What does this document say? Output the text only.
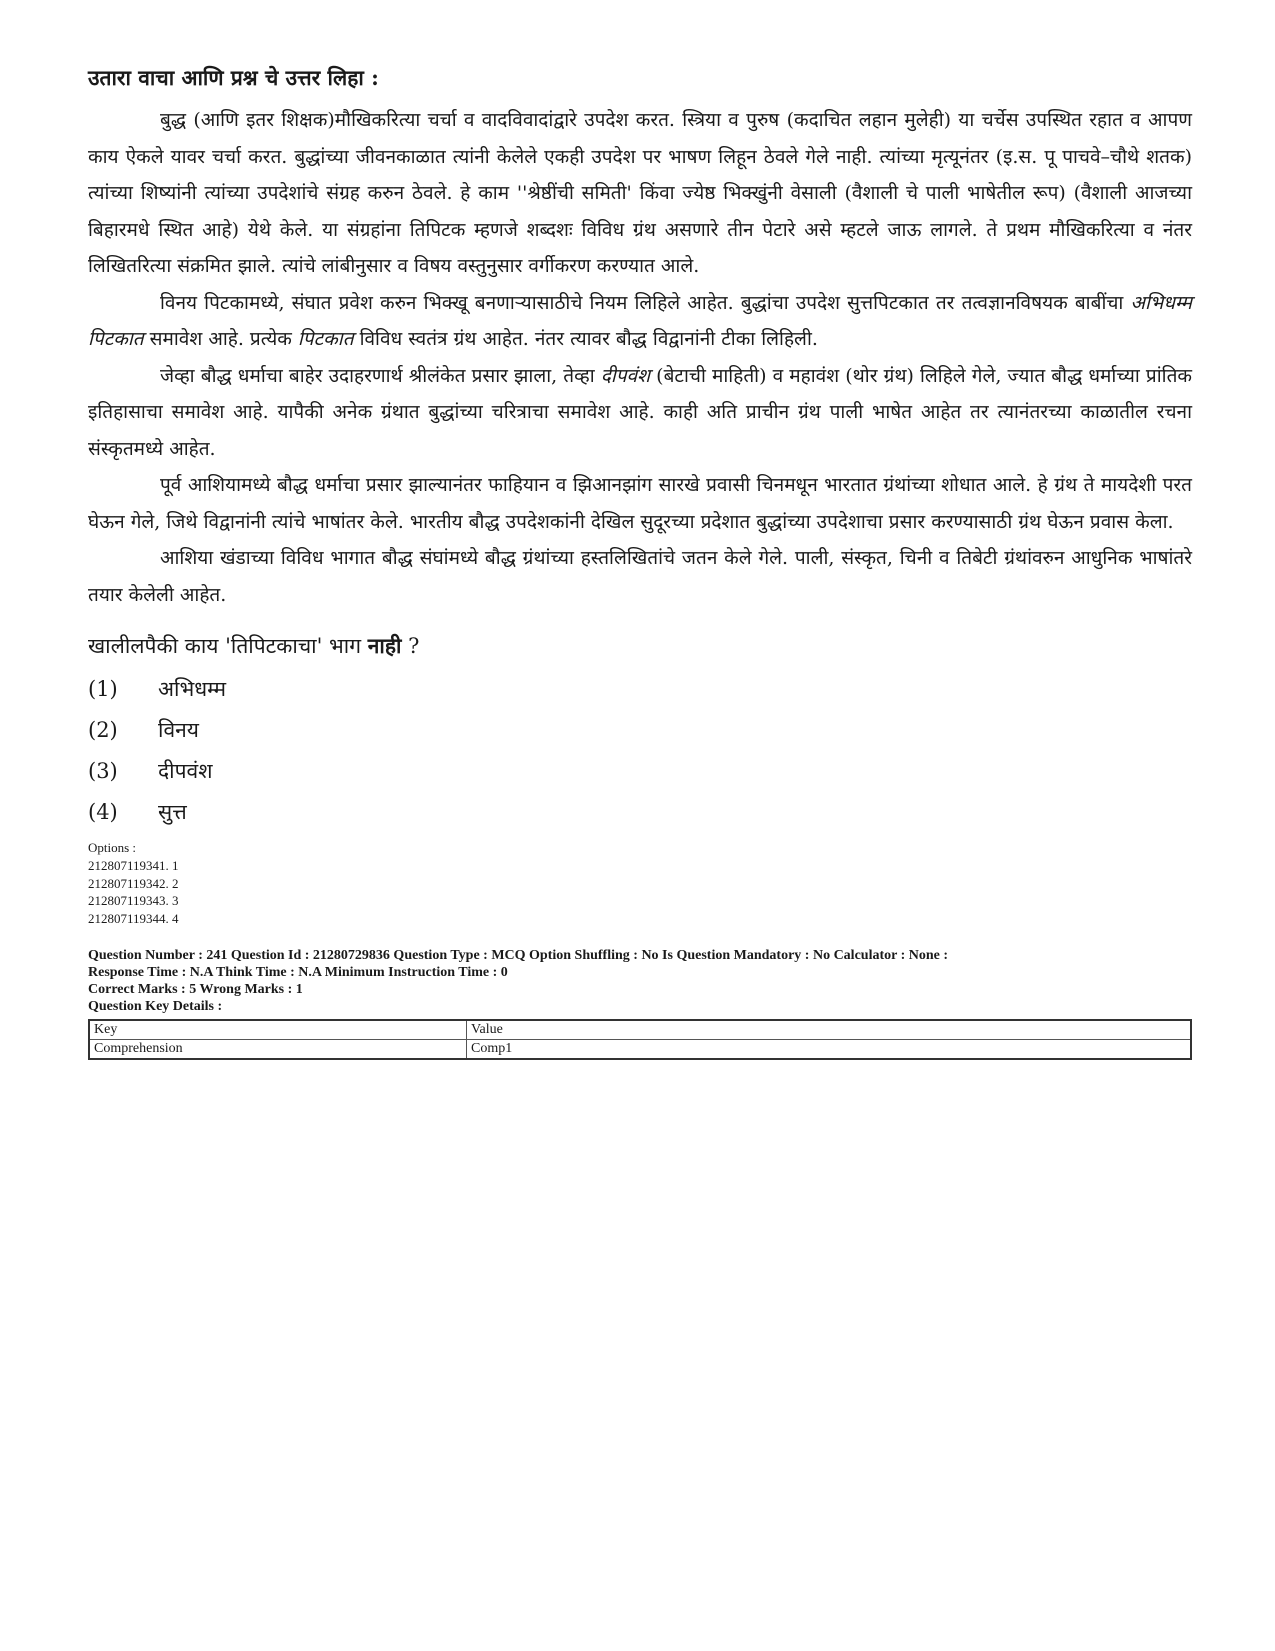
उतारा वाचा आणि प्रश्न चे उत्तर लिहा :

बुद्ध (आणि इतर शिक्षक)मौखिकरित्या चर्चा व वादविवादांद्वारे उपदेश करत. स्त्रिया व पुरुष (कदाचित लहान मुलेही) या चर्चेस उपस्थित रहात व आपण काय ऐकले यावर चर्चा करत. बुद्धांच्या जीवनकाळात त्यांनी केलेले एकही उपदेश पर भाषण लिहून ठेवले गेले नाही. त्यांच्या मृत्यूनंतर (इ.स. पू पाचवे–चौथे शतक) त्यांच्या शिष्यांनी त्यांच्या उपदेशांचे संग्रह करुन ठेवले. हे काम ''श्रेष्ठींची समिती' किंवा ज्येष्ठ भिक्खुंनी वेसाली (वैशाली चे पाली भाषेतील रूप) (वैशाली आजच्या बिहारमधे स्थित आहे) येथे केले. या संग्रहांना तिपिटक म्हणजे शब्दशः विविध ग्रंथ असणारे तीन पेटारे असे म्हटले जाऊ लागले. ते प्रथम मौखिकरित्या व नंतर लिखितरित्या संक्रमित झाले. त्यांचे लांबीनुसार व विषय वस्तुनुसार वर्गीकरण करण्यात आले.

विनय पिटकामध्ये, संघात प्रवेश करुन भिक्खू बनणाऱ्यासाठीचे नियम लिहिले आहेत. बुद्धांचा उपदेश सुत्तपिटकात तर तत्वज्ञानविषयक बाबींचा अभिधम्म पिटकात समावेश आहे. प्रत्येक पिटकात विविध स्वतंत्र ग्रंथ आहेत. नंतर त्यावर बौद्ध विद्वानांनी टीका लिहिली.

जेव्हा बौद्ध धर्माचा बाहेर उदाहरणार्थ श्रीलंकेत प्रसार झाला, तेव्हा दीपवंश (बेटाची माहिती) व महावंश (थोर ग्रंथ) लिहिले गेले, ज्यात बौद्ध धर्माच्या प्रांतिक इतिहासाचा समावेश आहे. यापैकी अनेक ग्रंथात बुद्धांच्या चरित्राचा समावेश आहे. काही अति प्राचीन ग्रंथ पाली भाषेत आहेत तर त्यानंतरच्या काळातील रचना संस्कृतमध्ये आहेत.

पूर्व आशियामध्ये बौद्ध धर्माचा प्रसार झाल्यानंतर फाहियान व झिआनझांग सारखे प्रवासी चिनमधून भारतात ग्रंथांच्या शोधात आले. हे ग्रंथ ते मायदेशी परत घेऊन गेले, जिथे विद्वानांनी त्यांचे भाषांतर केले. भारतीय बौद्ध उपदेशकांनी देखिल सुदूरच्या प्रदेशात बुद्धांच्या उपदेशाचा प्रसार करण्यासाठी ग्रंथ घेऊन प्रवास केला.

आशिया खंडाच्या विविध भागात बौद्ध संघांमध्ये बौद्ध ग्रंथांच्या हस्तलिखितांचे जतन केले गेले. पाली, संस्कृत, चिनी व तिबेटी ग्रंथांवरुन आधुनिक भाषांतरे तयार केलेली आहेत.

खालीलपैकी काय 'तिपिटकाचा' भाग नाही ?
(1)	अभिधम्म
(2)	विनय
(3)	दीपवंश
(4)	सुत्त
Options :
212807119341. 1
212807119342. 2
212807119343. 3
212807119344. 4
Question Number : 241 Question Id : 21280729836 Question Type : MCQ Option Shuffling : No Is Question Mandatory : No Calculator : None :
Response Time : N.A Think Time : N.A Minimum Instruction Time : 0
Correct Marks : 5 Wrong Marks : 1
Question Key Details :
Key	Value
Comprehension	Comp1
